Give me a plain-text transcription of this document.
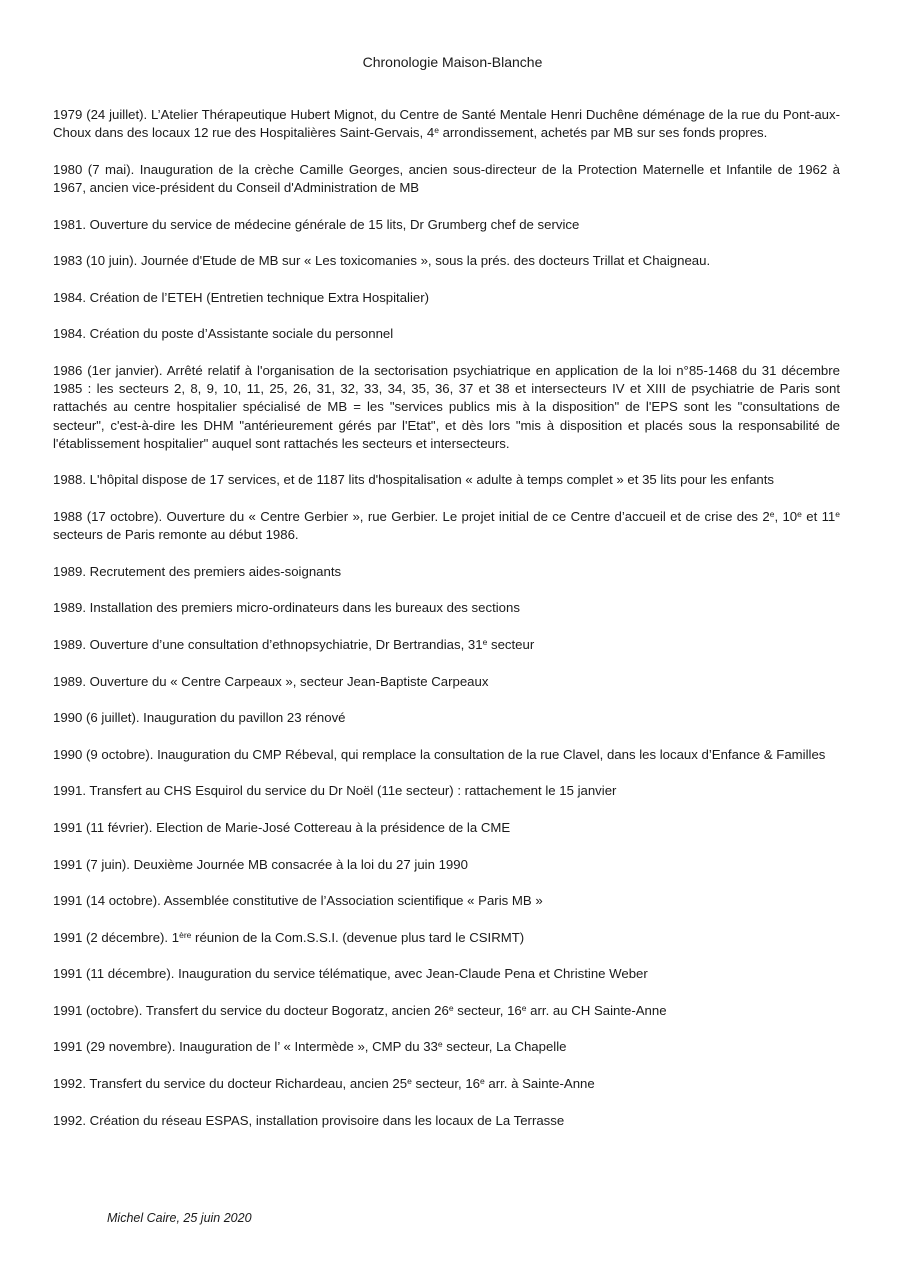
Chronologie Maison-Blanche

1979 (24 juillet). L’Atelier Thérapeutique Hubert Mignot, du Centre de Santé Mentale Henri Duchêne déménage de la rue du Pont-aux-Choux dans des locaux 12 rue des Hospitalières Saint-Gervais, 4e arrondissement, achetés par MB sur ses fonds propres.

1980 (7 mai). Inauguration de la crèche Camille Georges, ancien sous-directeur de la Protection Maternelle et Infantile de 1962 à 1967, ancien vice-président du Conseil d'Administration de MB

1981. Ouverture du service de médecine générale de 15 lits, Dr Grumberg chef de service

1983 (10 juin). Journée d'Etude de MB sur « Les toxicomanies », sous la prés. des docteurs Trillat et Chaigneau.

1984. Création de l’ETEH (Entretien technique Extra Hospitalier)

1984. Création du poste d’Assistante sociale du personnel

1986 (1er janvier). Arrêté relatif à l'organisation de la sectorisation psychiatrique en application de la loi n°85-1468 du 31 décembre 1985 : les secteurs 2, 8, 9, 10, 11, 25, 26, 31, 32, 33, 34, 35, 36, 37 et 38 et intersecteurs IV et XIII de psychiatrie de Paris sont rattachés au centre hospitalier spécialisé de MB = les "services publics mis à la disposition" de l'EPS sont les "consultations de secteur", c'est-à-dire les DHM "antérieurement gérés par l'Etat", et dès lors "mis à disposition et placés sous la responsabilité de l'établissement hospitalier" auquel sont rattachés les secteurs et intersecteurs.

1988. L'hôpital dispose de 17 services, et de 1187 lits d'hospitalisation « adulte à temps complet » et 35 lits pour les enfants

1988 (17 octobre). Ouverture du « Centre Gerbier », rue Gerbier. Le projet initial de ce Centre d’accueil et de crise des 2e, 10e et 11e secteurs de Paris remonte au début 1986.

1989. Recrutement des premiers aides-soignants

1989. Installation des premiers micro-ordinateurs dans les bureaux des sections

1989. Ouverture d’une consultation d’ethnopsychiatrie, Dr Bertrandias, 31e secteur

1989. Ouverture du « Centre Carpeaux », secteur Jean-Baptiste Carpeaux

1990 (6 juillet). Inauguration du pavillon 23 rénové

1990 (9 octobre). Inauguration du CMP Rébeval, qui remplace la consultation de la rue Clavel, dans les locaux d’Enfance & Familles

1991. Transfert au CHS Esquirol du service du Dr Noël (11e secteur) : rattachement le 15 janvier

1991 (11 février). Election de Marie-José Cottereau à la présidence de la CME

1991 (7 juin). Deuxième Journée MB consacrée à la loi du 27 juin 1990

1991 (14 octobre). Assemblée constitutive de l’Association scientifique « Paris MB »

1991 (2 décembre). 1ère réunion de la Com.S.S.I. (devenue plus tard le CSIRMT)

1991 (11 décembre). Inauguration du service télématique, avec Jean-Claude Pena et Christine Weber

1991 (octobre). Transfert du service du docteur Bogoratz, ancien 26e secteur, 16e arr. au CH Sainte-Anne

1991 (29 novembre). Inauguration de l’ « Intermède », CMP du 33e secteur, La Chapelle

1992. Transfert du service du docteur Richardeau, ancien 25e secteur, 16e arr. à Sainte-Anne

1992. Création du réseau ESPAS, installation provisoire dans les locaux de La Terrasse

Michel Caire, 25 juin 2020
